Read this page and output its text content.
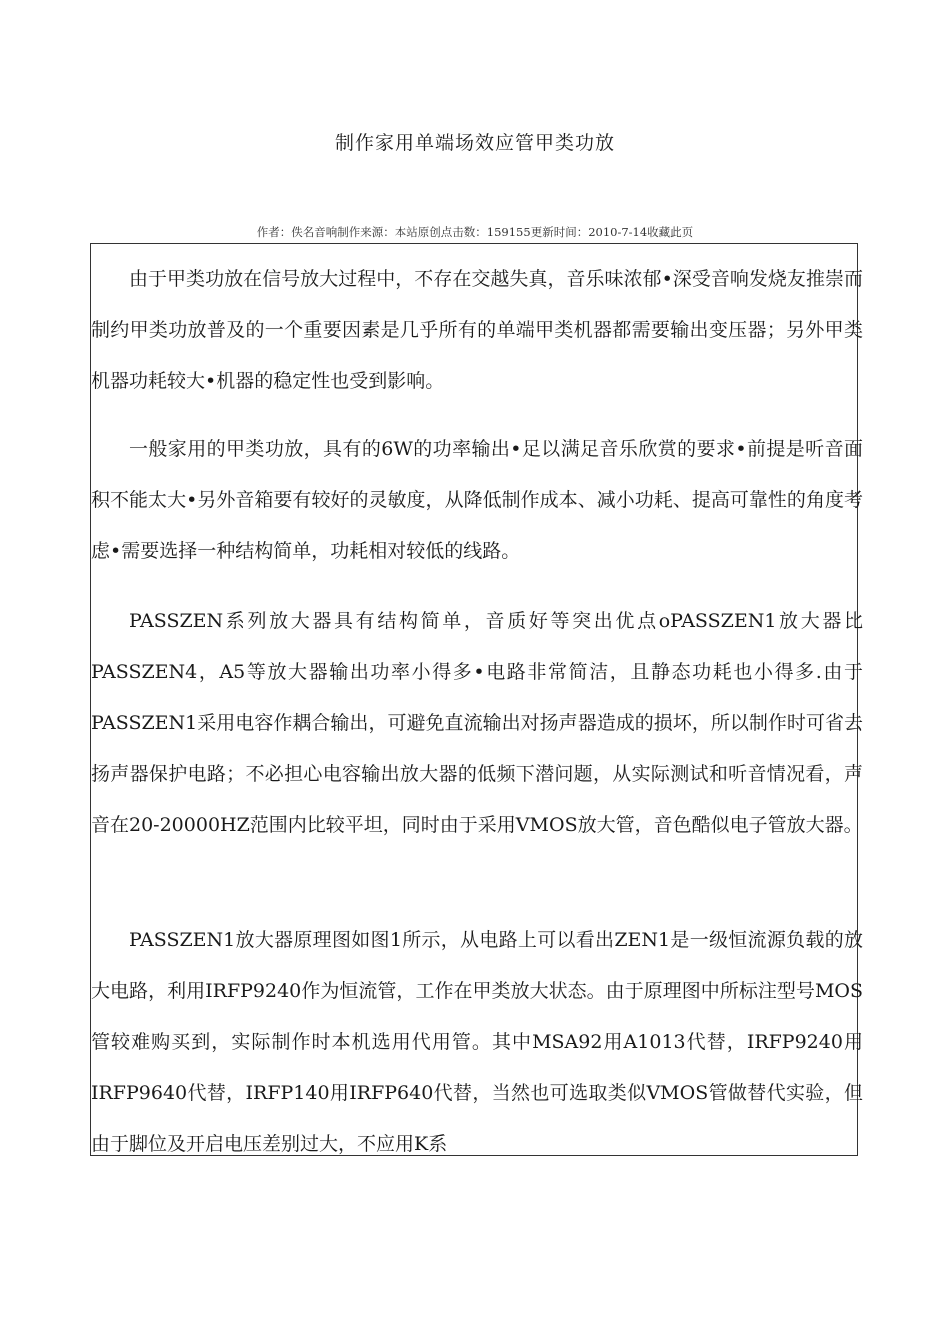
制作家用单端场效应管甲类功放
作者：佚名音响制作来源：本站原创点击数：159155更新时间：2010-7-14收藏此页

由于甲类功放在信号放大过程中，不存在交越失真，音乐味浓郁•深受音响发烧友推崇而制约甲类功放普及的一个重要因素是几乎所有的单端甲类机器都需要输出变压器；另外甲类机器功耗较大•机器的稳定性也受到影响。

一般家用的甲类功放，具有的6W的功率输出•足以满足音乐欣赏的要求•前提是听音面积不能太大•另外音箱要有较好的灵敏度，从降低制作成本、减小功耗、提高可靠性的角度考虑•需要选择一种结构简单，功耗相对较低的线路。

PASSZEN系列放大器具有结构简单，音质好等突出优点oPASSZEN1放大器比PASSZEN4，A5等放大器输出功率小得多•电路非常简洁，且静态功耗也小得多.由于PASSZEN1采用电容作耦合输出，可避免直流输出对扬声器造成的损坏，所以制作时可省去扬声器保护电路；不必担心电容输出放大器的低频下潜问题，从实际测试和听音情况看，声音在20-20000HZ范围内比较平坦，同时由于采用VMOS放大管，音色酷似电子管放大器。

PASSZEN1放大器原理图如图1所示，从电路上可以看出ZEN1是一级恒流源负载的放大电路，利用IRFP9240作为恒流管，工作在甲类放大状态。由于原理图中所标注型号MOS管较难购买到，实际制作时本机选用代用管。其中MSA92用A1013代替，IRFP9240用IRFP9640代替，IRFP140用IRFP640代替，当然也可选取类似VMOS管做替代实验，但由于脚位及开启电压差别过大，不应用K系
